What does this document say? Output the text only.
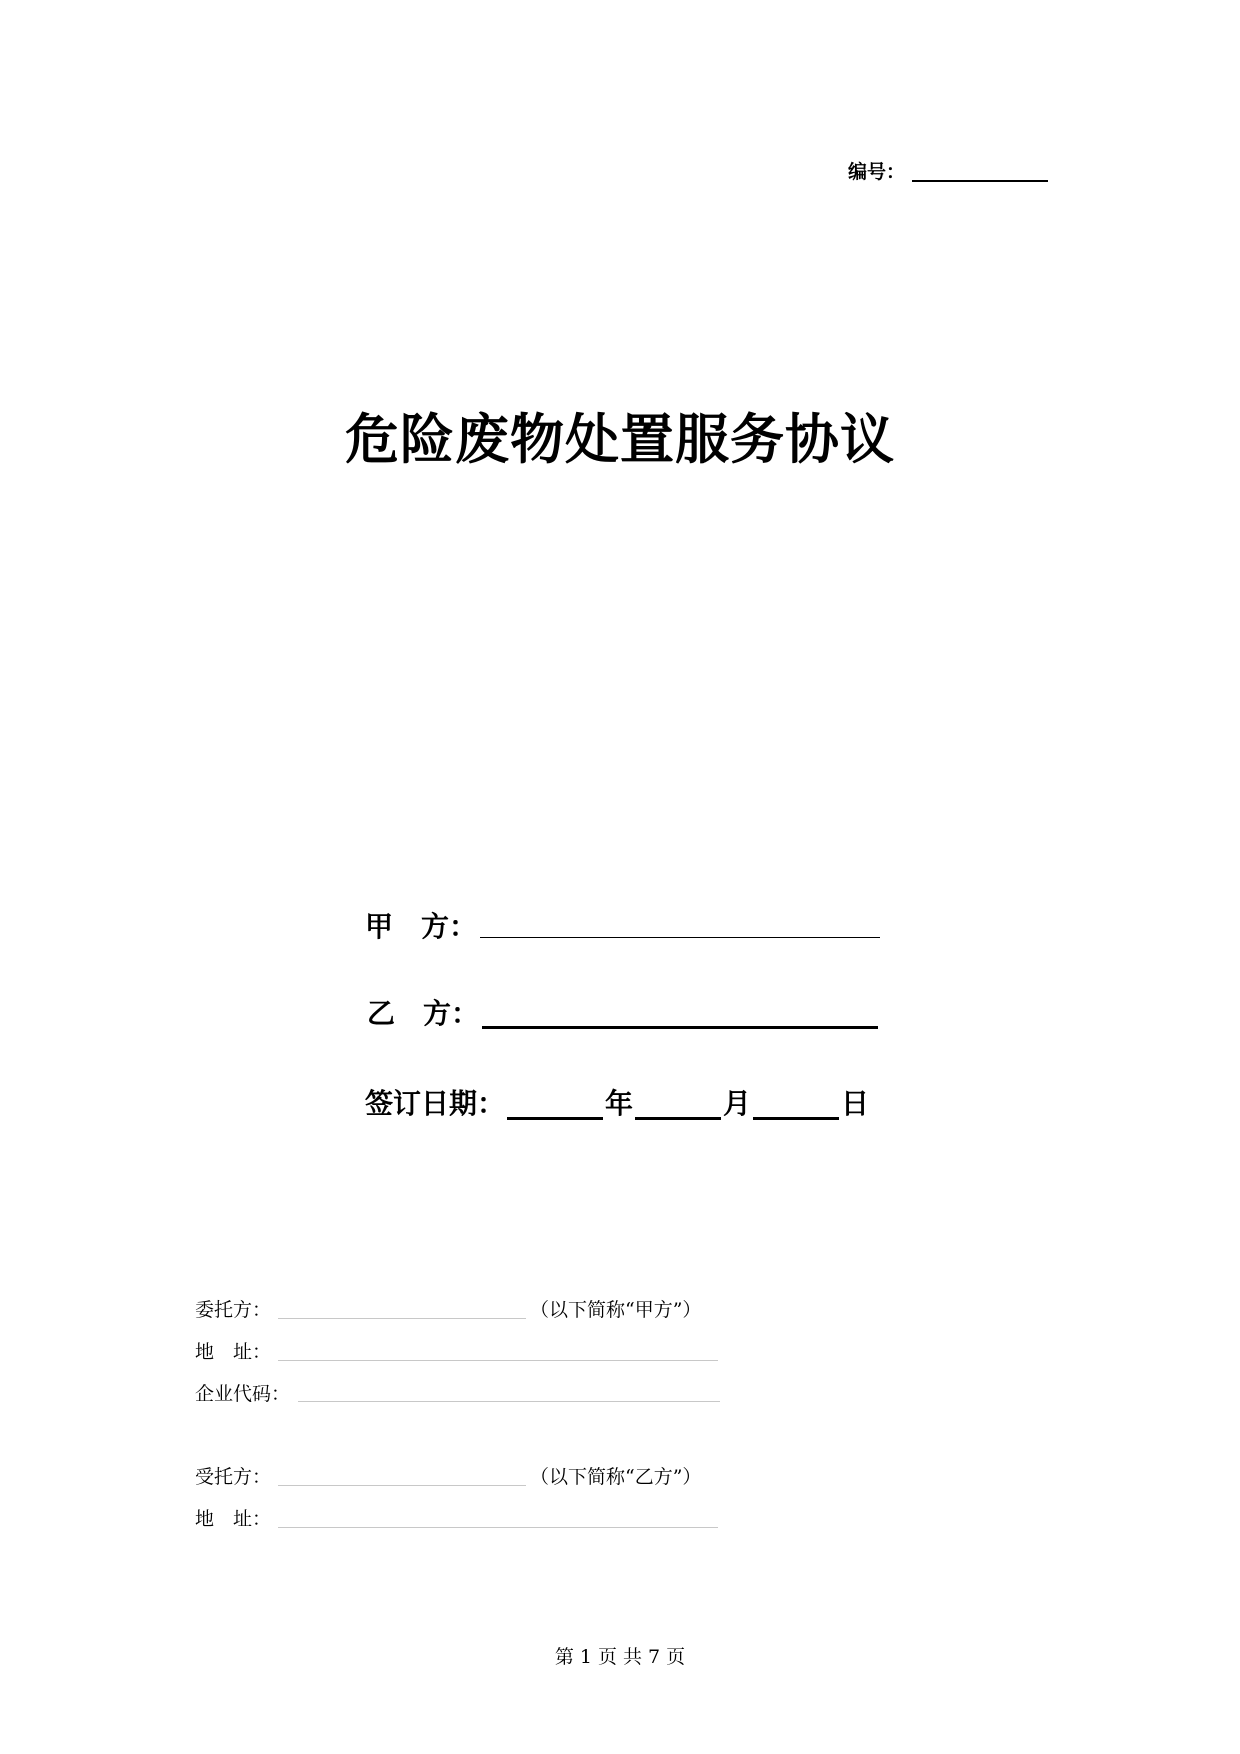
编号：
危险废物处置服务协议
甲　方：
乙　方：
签订日期：	年	月	日
委托方：	（以下简称“甲方”）
地　址：
企业代码：
受托方：	（以下简称“乙方”）
地　址：
第 1 页 共 7 页
